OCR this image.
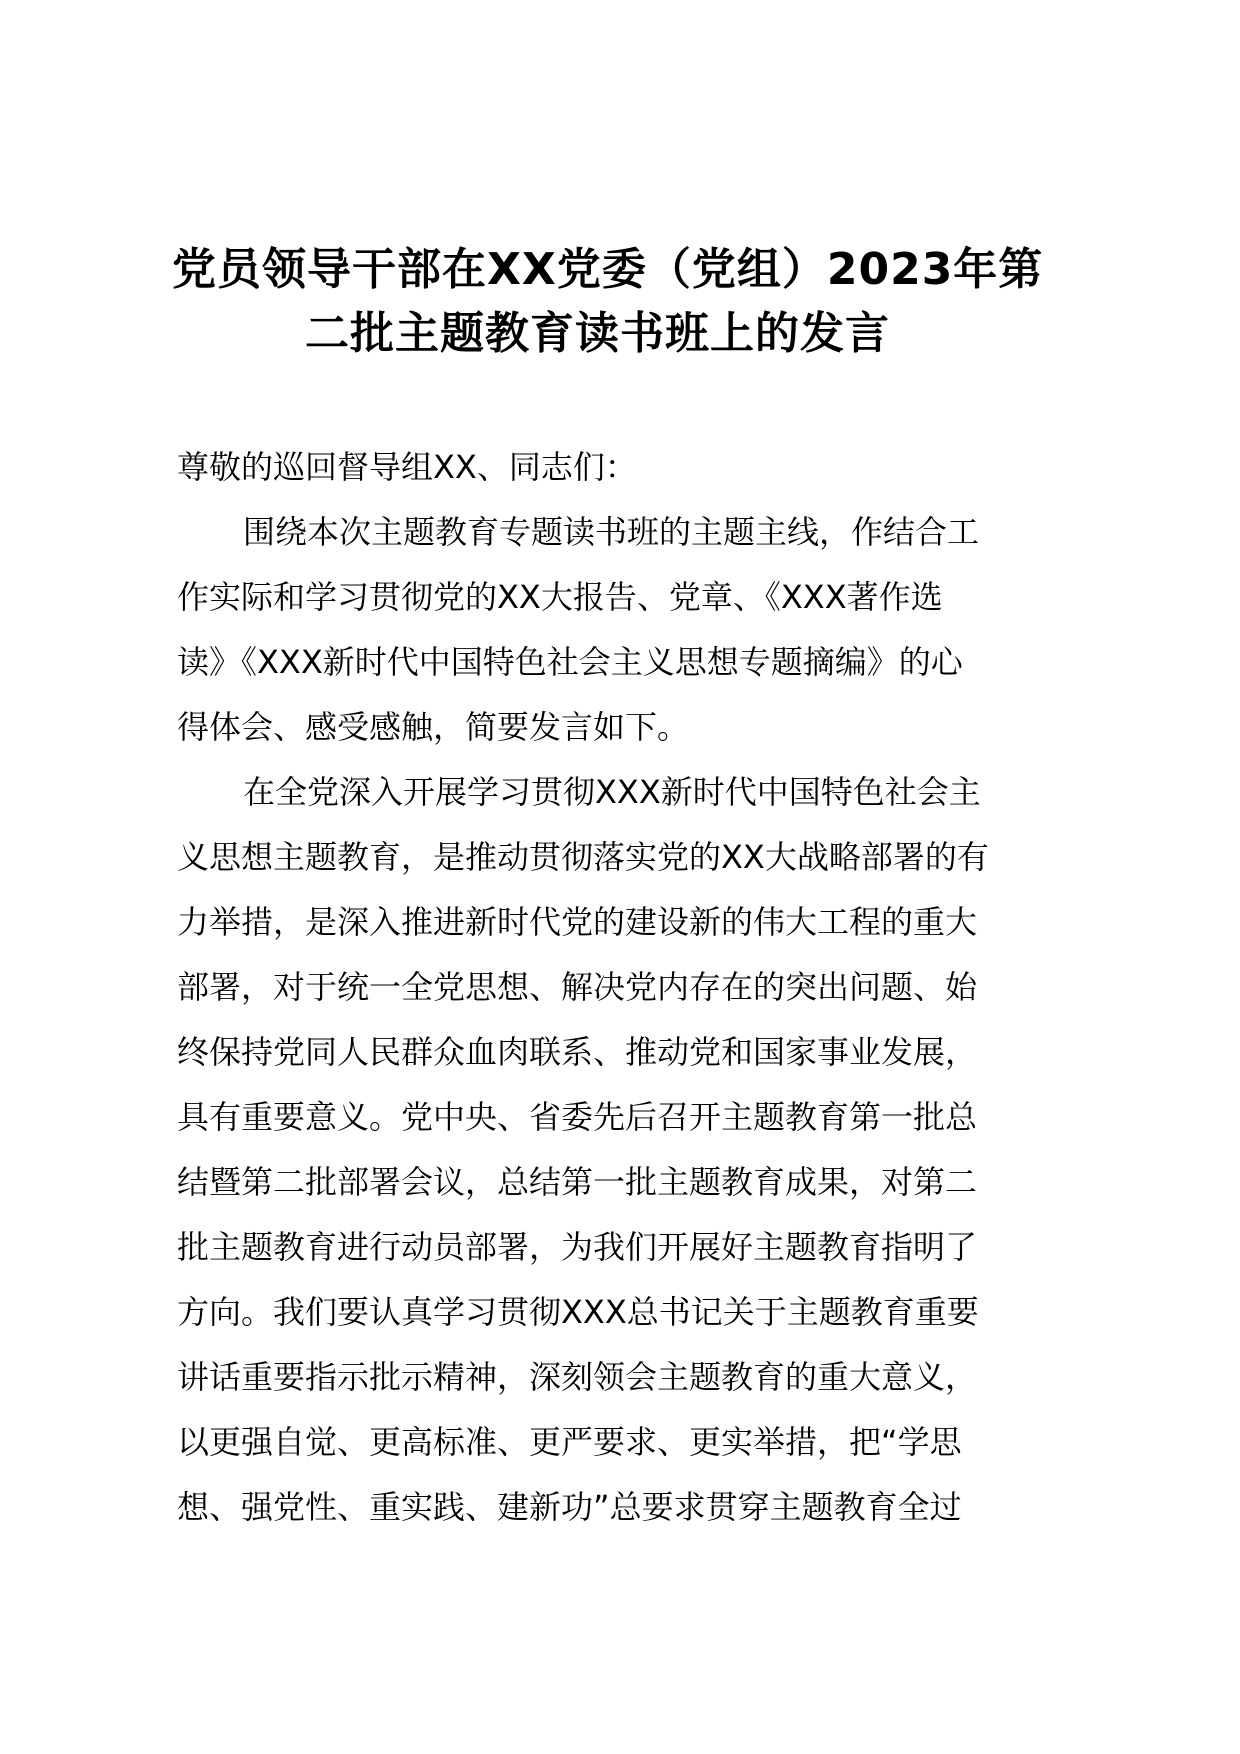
党员领导干部在XX党委（党组）2023年第
二批主题教育读书班上的发言
尊敬的巡回督导组XX、同志们：
围绕本次主题教育专题读书班的主题主线，作结合工
作实际和学习贯彻党的XX大报告、党章、《XXX著作选
读》《XXX新时代中国特色社会主义思想专题摘编》的心
得体会、感受感触，简要发言如下。
在全党深入开展学习贯彻XXX新时代中国特色社会主
义思想主题教育，是推动贯彻落实党的XX大战略部署的有
力举措，是深入推进新时代党的建设新的伟大工程的重大
部署，对于统一全党思想、解决党内存在的突出问题、始
终保持党同人民群众血肉联系、推动党和国家事业发展，
具有重要意义。党中央、省委先后召开主题教育第一批总
结暨第二批部署会议，总结第一批主题教育成果，对第二
批主题教育进行动员部署，为我们开展好主题教育指明了
方向。我们要认真学习贯彻XXX总书记关于主题教育重要
讲话重要指示批示精神，深刻领会主题教育的重大意义，
以更强自觉、更高标准、更严要求、更实举措，把“学思
想、强党性、重实践、建新功”总要求贯穿主题教育全过
